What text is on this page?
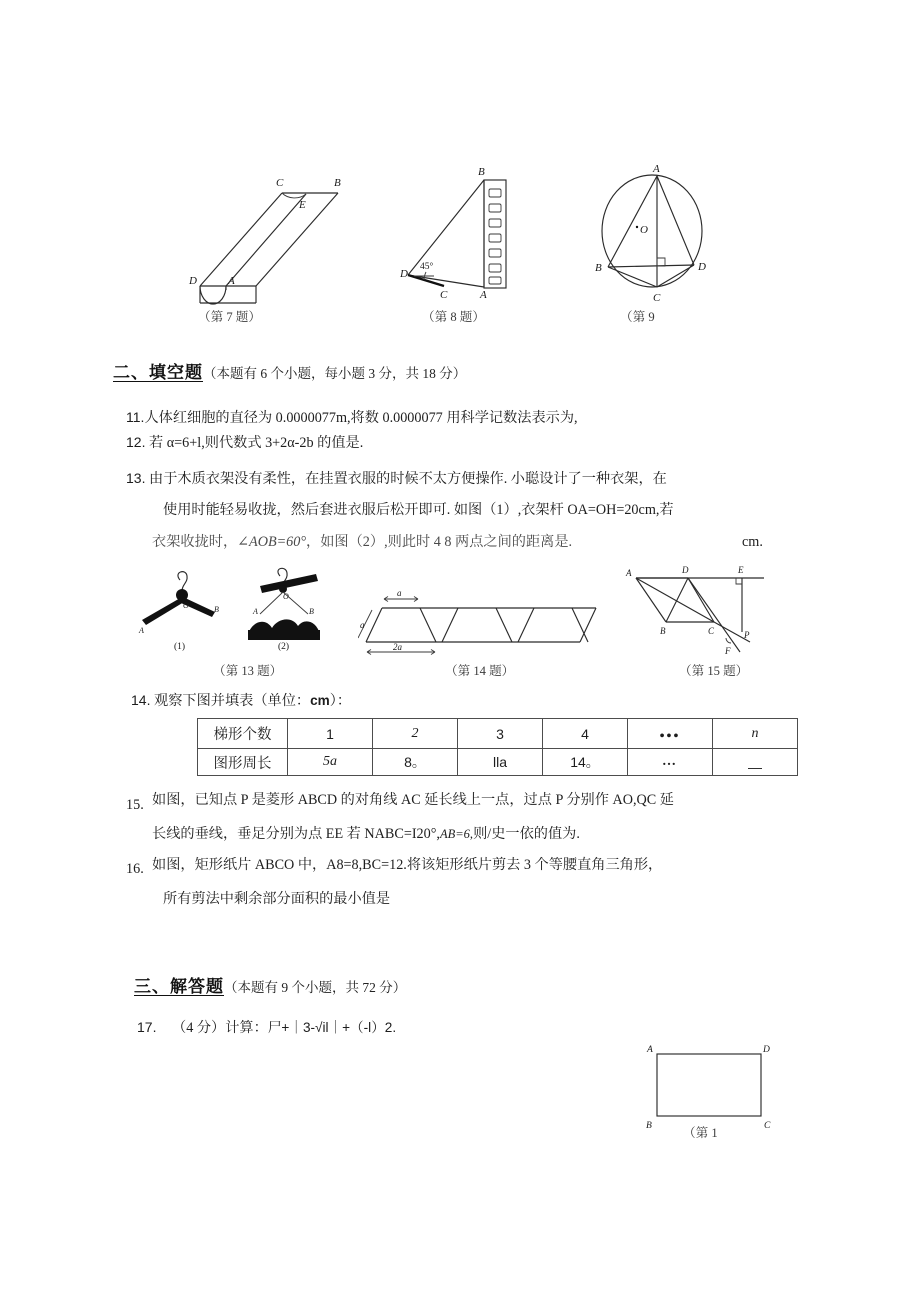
C	B
E
D	A
（第 7 题）
B
D
C	A
45°
（第 8 题）
A
O
B	D
C
（第 9
二、填空题（本题有 6 个小题，每小题 3 分，共 18 分）
11.人体红细胞的直径为 0.0000077m,将数 0.0000077 用科学记数法表示为,
12. 若 α=6+l,则代数式 3+2α-2b 的值是.
13. 由于木质衣架没有柔性，在挂置衣服的时候不太方便操作. 小聪设计了一种衣架，在
使用时能轻易收拢，然后套进衣服后松开即可. 如图（1）,衣架杆 OA=OH=20cm,若
衣架收拢时，∠AOB=60°，如图（2）,则此时 4 8 两点之间的距离是.	cm.
O
A
B
(1)
O
A	B
(2)
（第 13 题）
a
a
2a
（第 14 题）
A	D	E
B	C	P
F
（第 15 题）
14. 观察下图并填表（单位：cm）：
梯形个数	1	2	3	4	•••	n
图形周长	5a	8。	lla	14。	…	—
15. 如图，已知点 P 是菱形 ABCD 的对角线 AC 延长线上一点，过点 P 分别作 AO,QC 延
长线的垂线，垂足分别为点 EE 若 NABC=I20°,AB=6,则/史一依的值为.
16. 如图，矩形纸片 ABCO 中，A8=8,BC=12.将该矩形纸片剪去 3 个等腰直角三角形，
所有剪法中剩余部分面积的最小值是
三、解答题（本题有 9 个小题，共 72 分）
17. （4 分）计算：尸+｜3-√il｜+（-l）2.
A	D
B	C
（第 1
